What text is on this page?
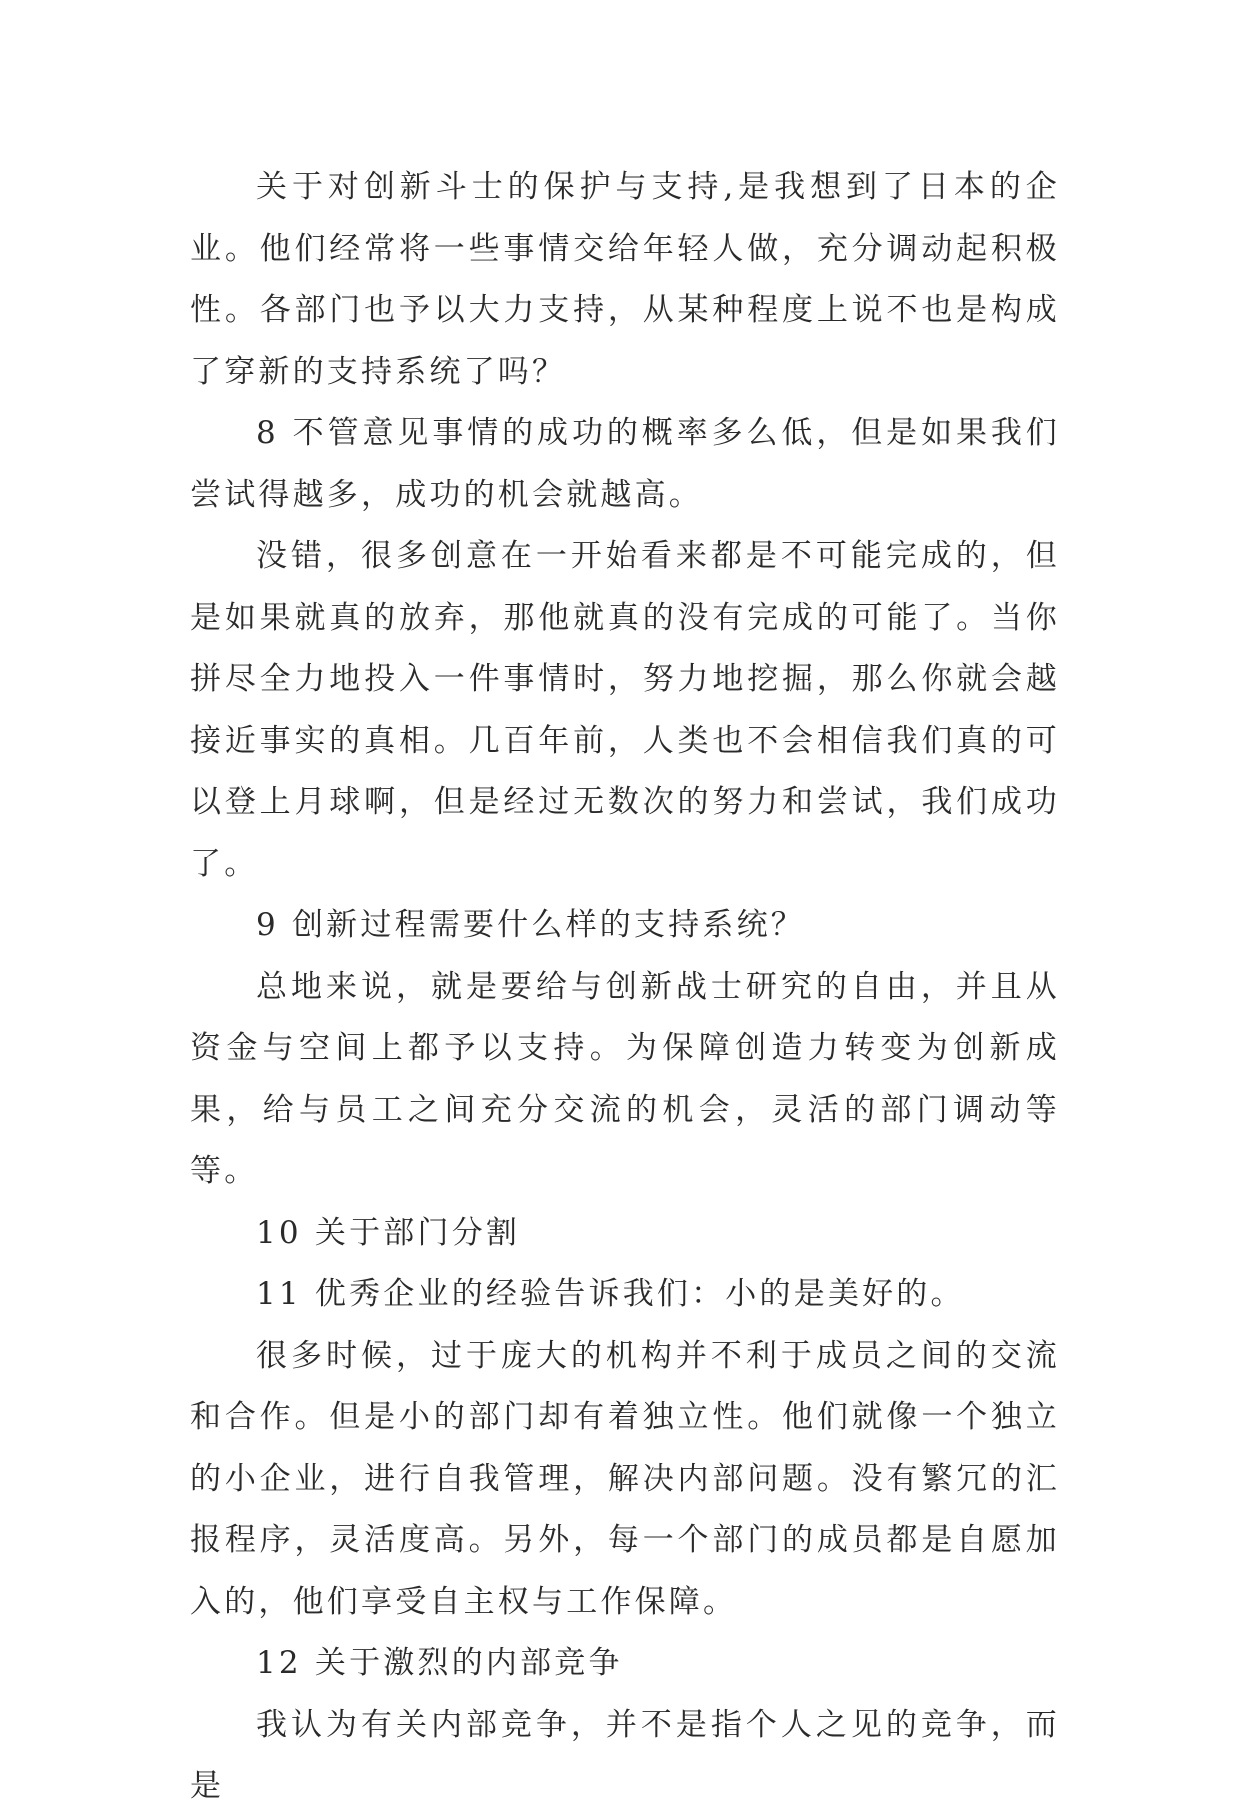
关于对创新斗士的保护与支持,是我想到了日本的企业。他们经常将一些事情交给年轻人做，充分调动起积极性。各部门也予以大力支持，从某种程度上说不也是构成了穿新的支持系统了吗？

8 不管意见事情的成功的概率多么低，但是如果我们尝试得越多，成功的机会就越高。

没错，很多创意在一开始看来都是不可能完成的，但是如果就真的放弃，那他就真的没有完成的可能了。当你拼尽全力地投入一件事情时，努力地挖掘，那么你就会越接近事实的真相。几百年前，人类也不会相信我们真的可以登上月球啊，但是经过无数次的努力和尝试，我们成功了。

9 创新过程需要什么样的支持系统？

总地来说，就是要给与创新战士研究的自由，并且从资金与空间上都予以支持。为保障创造力转变为创新成果，给与员工之间充分交流的机会，灵活的部门调动等等。

10 关于部门分割

11 优秀企业的经验告诉我们：小的是美好的。

很多时候，过于庞大的机构并不利于成员之间的交流和合作。但是小的部门却有着独立性。他们就像一个独立的小企业，进行自我管理，解决内部问题。没有繁冗的汇报程序，灵活度高。另外，每一个部门的成员都是自愿加入的，他们享受自主权与工作保障。

12 关于激烈的内部竞争

我认为有关内部竞争，并不是指个人之见的竞争，而是
